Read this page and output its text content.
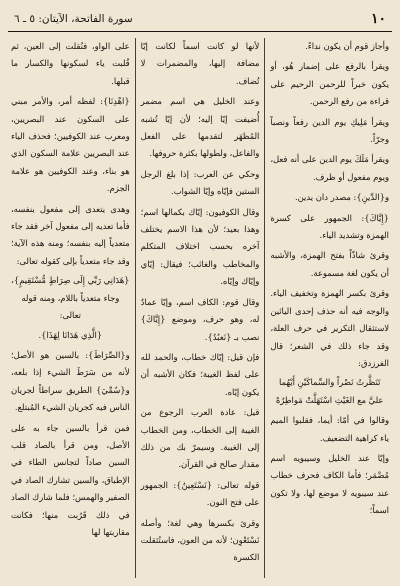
١٠
سورة الفاتحة، الآيتان: ٥ ـ ٦

وأجاز قوم أن يكون نداءً.

ويقرأ بالرفع على إضمار هُو، أو يكون خبراً للرحمن الرحيم على قراءة من رفع الرحمن.

ويقرأ مَلِيكِ يوم الدين رفعاً ونصباً وجرّاً.

ويقرأ مَلَكَ يوم الدين على أنه فعل، ويوم مفعول أو ظرف.

و{الدِّينِ}: مصدر دان يدين.

{إِيَّاكَ}: الجمهور على كسرة الهمزة وتشديد الياء.

وقرئ شاذّاً بفتح الهمزة، والأشبه أن يكون لغة مسموعة.

وقرئ بكسر الهمزة وتخفيف الياء. والوجه فيه أنه حذف إحدى اليائين لاستثقال التكرير في حرف العلة، وقد جاء ذلك في الشعر؛ قال الفرزدق:

تَنَظَّرتُ نَصْراً والسِّماكَيْنِ أَيْهُما عليَّ مع الغَيْثِ اسْتَهَلَّتْ مَواطِرُهْ

وقالوا في أمّا: أيما، فقلبوا الميم ياء كراهية التضعيف.

وإيّا عند الخليل وسيبويه اسم مُضْمَر؛ فأما الكاف فحرف خطاب عند سيبويه لا موضع لها، ولا تكون اسماً؛

لأنها لو كانت اسماً لكانت إيّا مضافة إليها، والمضمرات لا تُضاف.

وعند الخليل هي اسم مضمر أُضيفت إيّا إليه؛ لأن إيّا تُشبه المُظهَر لتقدمها على الفعل والفاعل، ولطولها بكثرة حروفها.

وحكي عن العرب: إذا بلغ الرجل الستين فإيّاه وإيّا الشواب.

وقال الكوفيون: إيّاك بكمالها اسم؛ وهذا بعيد؛ لأن هذا الاسم يختلف آخره بحسب اختلاف المتكلم والمخاطب والغائب؛ فيقال: إيّاي وإيّاك وإيّاه.

وقال قوم: الكاف اسم، وإيّا عمادٌ له، وهو حرف، وموضع {إِيَّاكَ} نصب بـ {نَعبُدُ}.

فإن قيل: إيّاك خطاب، والحمد لله على لفظ الغيبة؛ فكان الأشبه أن يكون إيّاه.

قيل: عادة العرب الرجوع من الغيبة إلى الخطاب، ومن الخطاب إلى الغيبة. وسيمرّ بك من ذلك مقدار صالح في القرآن.

قوله تعالى: {نَسْتَعِينُ}: الجمهور على فتح النون.

وقرئ بكسرها وهي لغة؛ وأصله نَسْتَعْوِن؛ لأنه من العون، فاستُثقلت الكسرة

على الواو، فنُقلت إلى العين، ثم قُلبت ياء لسكونها والكسار ما قبلها.

{اهْدِنَا}: لفظه أمر، والأمر مبني على السكون عند البصريين، ومعرب عند الكوفيين؛ فحذف الياء عند البصريين علامة السكون الذي هو بناء، وعند الكوفيين هو علامة الجزم.

وهدى يتعدى إلى مفعول بنفسه، فأما تعديه إلى مفعول آخر فقد جاء متعدياً إليه بنفسه؛ ومنه هذه الآية؛ وقد جاء متعدياً بإلى كقوله تعالى:

{هَدَانِي رَبِّي إِلَى صِرَاطٍ مُّسْتَقِيمٍ}، وجاء متعدياً باللام، ومنه قوله تعالى:

{الَّذِي هَدَانَا لِهَذَا}.

و{الصِّرَاطَ}: بالسين هو الأصل؛ لأنه من سَرَطَ الشيء إذا بلعه، و{سُمِّيَ} الطريق سراطاً لجريان الناس فيه كجريان الشيء المُبتلع.

فمن قرأ بالسين جاء به على الأصل، ومن قرأ بالصاد قلب السين صاداً لتجانس الطاء في الإطباق، والسين تشارك الصاد في الصفير والهمس؛ فلما شارك الصاد في ذلك قَرُبت منها؛ فكانت مقاربتها لها
